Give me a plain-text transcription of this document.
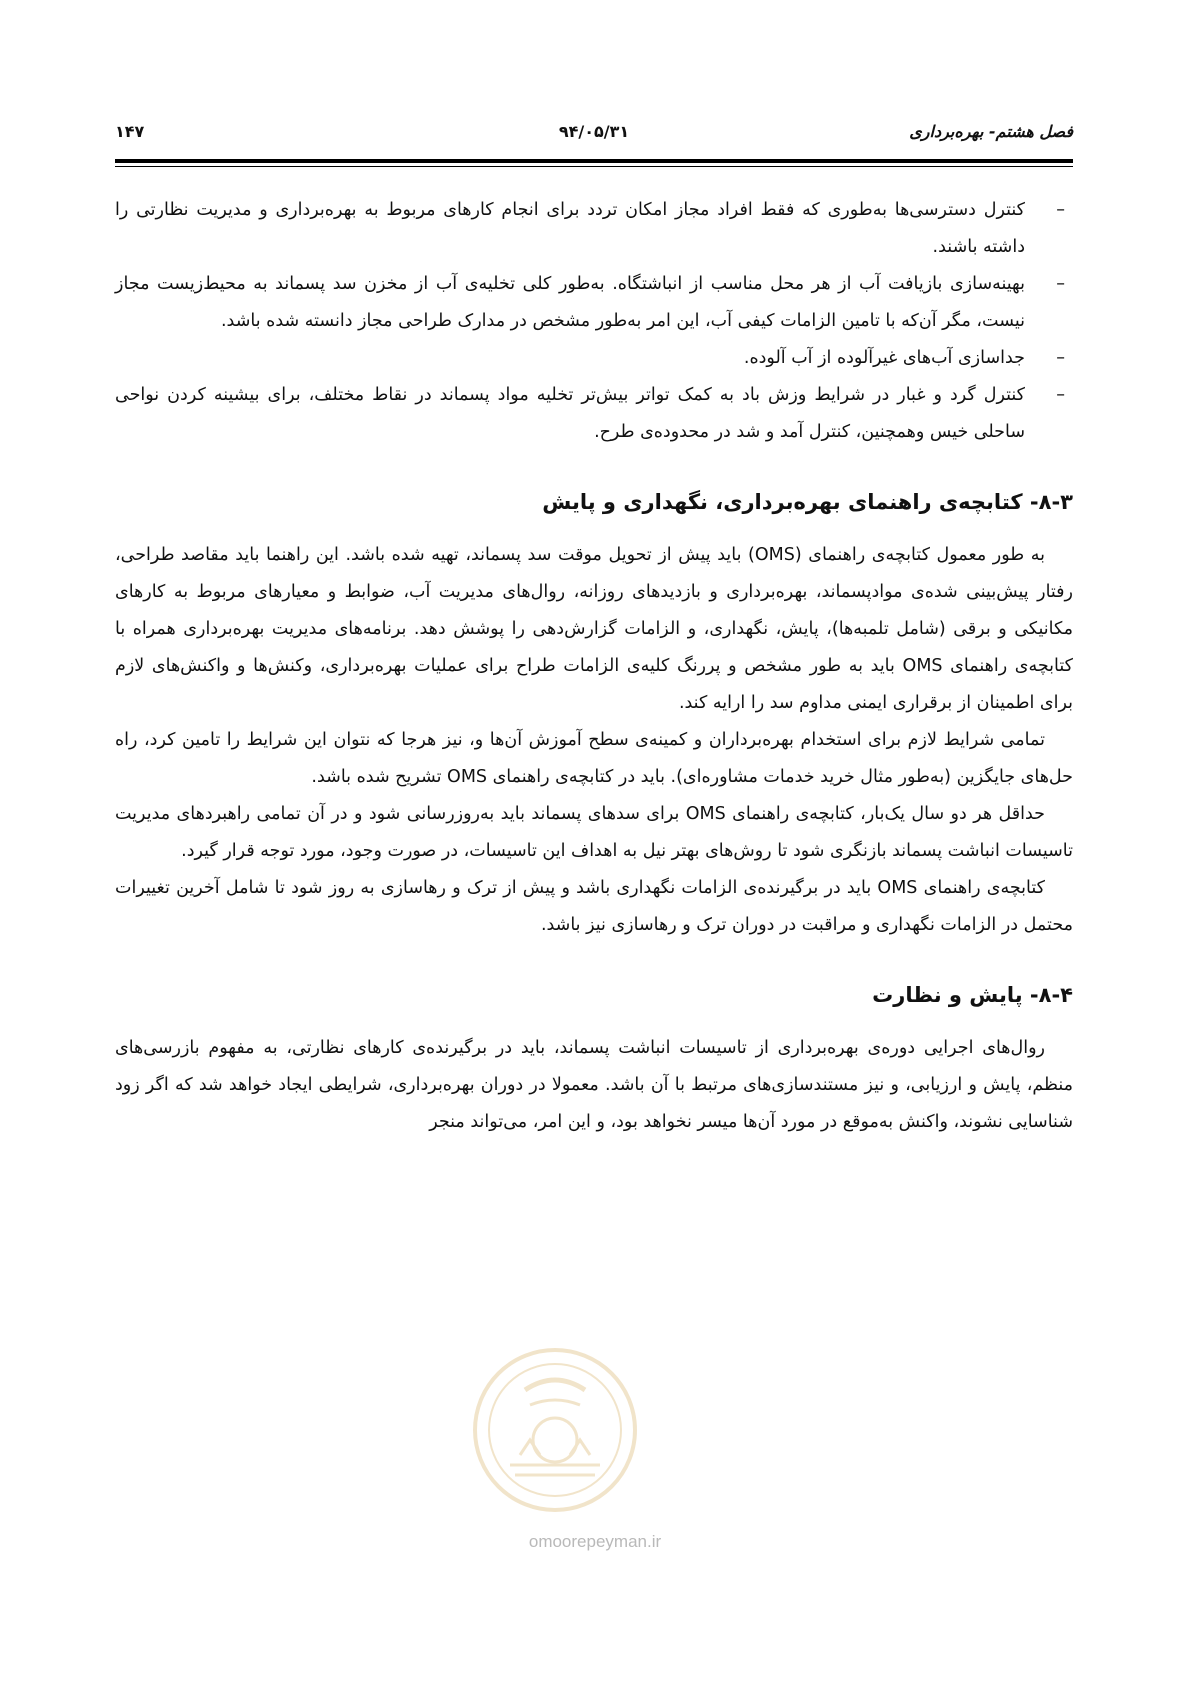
فصل هشتم- بهره‌برداری
۹۴/۰۵/۳۱
۱۴۷
–
کنترل دسترسی‌ها به‌طوری که فقط افراد مجاز امکان تردد برای انجام کارهای مربوط به بهره‌برداری و مدیریت نظارتی را داشته باشند.
–
بهینه‌سازی بازیافت آب از هر محل مناسب از انباشتگاه. به‌طور کلی تخلیه‌ی آب از مخزن سد پسماند به محیط‌زیست مجاز نیست، مگر آن‌که با تامین الزامات کیفی آب، این امر به‌طور مشخص در مدارک طراحی مجاز دانسته شده باشد.
–
جداسازی آب‌های غیرآلوده از آب آلوده.
–
کنترل گرد و غبار در شرایط وزش باد به کمک تواتر بیش‌تر تخلیه مواد پسماند در نقاط مختلف، برای بیشینه کردن نواحی ساحلی خیس وهمچنین، کنترل آمد و شد در محدوده‌ی طرح.
۸-۳- کتابچه‌ی راهنمای بهره‌برداری، نگهداری و پایش

به طور معمول کتابچه‌ی راهنمای (OMS) باید پیش از تحویل موقت سد پسماند، تهیه شده باشد. این راهنما باید مقاصد طراحی، رفتار پیش‌بینی شده‌ی موادپسماند، بهره‌برداری و بازدیدهای روزانه، روال‌های مدیریت آب، ضوابط و معیارهای مربوط به کارهای مکانیکی و برقی (شامل تلمبه‌ها)، پایش، نگهداری، و الزامات گزارش‌دهی را پوشش دهد. برنامه‌های مدیریت بهره‌برداری همراه با کتابچه‌ی راهنمای OMS باید به طور مشخص و پررنگ کلیه‌ی الزامات طراح برای عملیات بهره‌برداری، وکنش‌ها و واکنش‌های لازم برای اطمینان از برقراری ایمنی مداوم سد را ارایه کند.

تمامی شرایط لازم برای استخدام بهره‌برداران و کمینه‌ی سطح آموزش آن‌ها و، نیز هرجا که نتوان این شرایط را تامین کرد، راه حل‌های جایگزین (به‌طور مثال خرید خدمات مشاوره‌ای). باید در کتابچه‌ی راهنمای OMS تشریح شده باشد.

حداقل هر دو سال یک‌بار، کتابچه‌ی راهنمای OMS برای سدهای پسماند باید به‌روزرسانی شود و در آن تمامی راهبردهای مدیریت تاسیسات انباشت پسماند بازنگری شود تا روش‌های بهتر نیل به اهداف این تاسیسات، در صورت وجود، مورد توجه قرار گیرد.

کتابچه‌ی راهنمای OMS باید در برگیرنده‌ی الزامات نگهداری باشد و پیش از ترک و رهاسازی به روز شود تا شامل آخرین تغییرات محتمل در الزامات نگهداری و مراقبت در دوران ترک و رهاسازی نیز باشد.

۸-۴- پایش و نظارت

روال‌های اجرایی دوره‌ی بهره‌برداری از تاسیسات انباشت پسماند، باید در برگیرنده‌ی کارهای نظارتی، به مفهوم بازرسی‌های منظم، پایش و ارزیابی، و نیز مستندسازی‌های مرتبط با آن باشد. معمولا در دوران بهره‌برداری، شرایطی ایجاد خواهد شد که اگر زود شناسایی نشوند، واکنش به‌موقع در مورد آن‌ها میسر نخواهد بود، و این امر، می‌تواند منجر

omoorepeyman.ir
